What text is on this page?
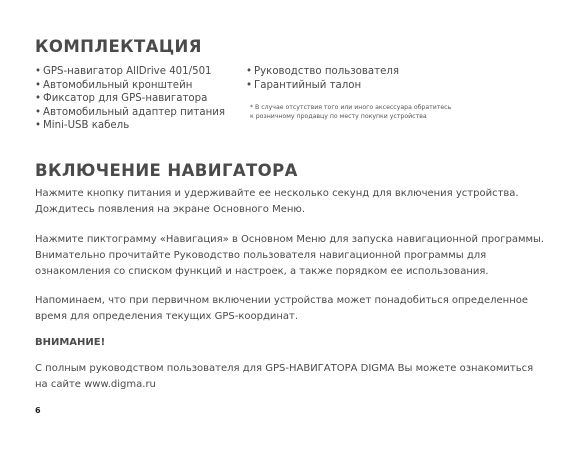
КОМПЛЕКТАЦИЯ
• GPS-навигатор AllDrive 401/501
• Автомобильный кронштейн
• Фиксатор для GPS-навигатора
• Автомобильный адаптер питания
• Mini-USB кабель
• Руководство пользователя
• Гарантийный талон
* В случае отсутствия того или иного аксессуара обратитесь
к розничному продавцу по месту покупки устройства
ВКЛЮЧЕНИЕ НАВИГАТОРА

Нажмите кнопку питания и удерживайте ее несколько секунд для включения устройства.
Дождитесь появления на экране Основного Меню.

Нажмите пиктограмму «Навигация» в Основном Меню для запуска навигационной программы.
Внимательно прочитайте Руководство пользователя навигационной программы для
ознакомления со списком функций и настроек, а также порядком ее использования.

Напоминаем, что при первичном включении устройства может понадобиться определенное
время для определения текущих GPS-координат.

ВНИМАНИЕ!

С полным руководством пользователя для GPS-НАВИГАТОРА DIGMA Вы можете ознакомиться
на сайте www.digma.ru

6
